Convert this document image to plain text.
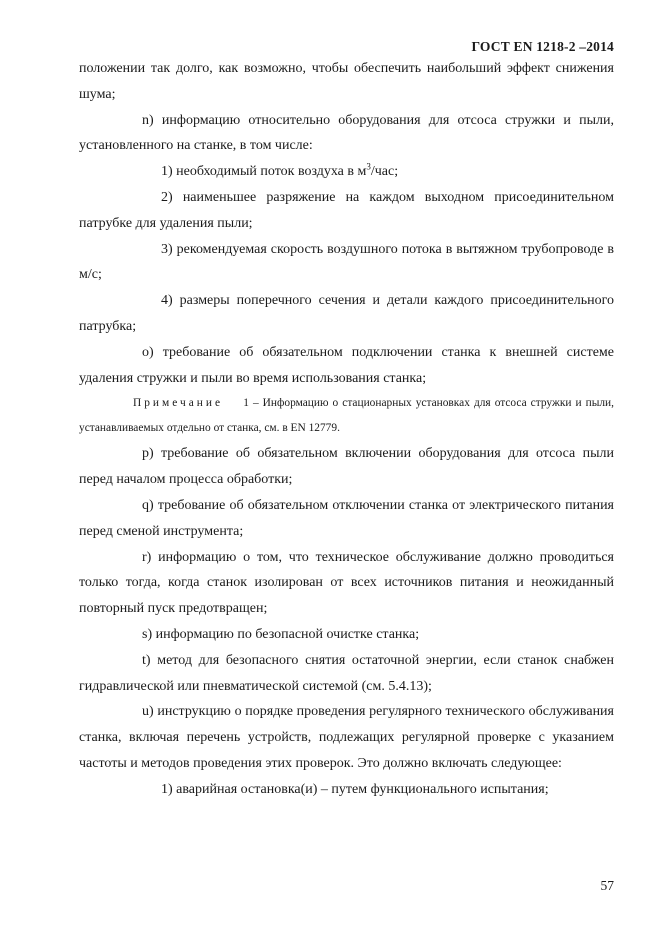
ГОСТ EN 1218-2 –2014

положении так долго, как возможно, чтобы обеспечить наибольший эффект снижения шума;

n) информацию относительно оборудования для отсоса стружки и пыли, установленного на станке, в том числе:

1) необходимый поток воздуха в $м^3$/час;

2) наименьшее разряжение на каждом выходном присоединительном патрубке для удаления пыли;

3) рекомендуемая скорость воздушного потока в вытяжном трубопроводе в м/с;

4) размеры поперечного сечения и детали каждого присоединительного патрубка;

o) требование об обязательном подключении станка к внешней системе удаления стружки и пыли во время использования станка;

Примечание 1 – Информацию о стационарных установках для отсоса стружки и пыли, устанавливаемых отдельно от станка, см. в EN 12779.

p) требование об обязательном включении оборудования для отсоса пыли перед началом процесса обработки;

q) требование об обязательном отключении станка от электрического питания перед сменой инструмента;

r) информацию о том, что техническое обслуживание должно проводиться только тогда, когда станок изолирован от всех источников питания и неожиданный повторный пуск предотвращен;

s) информацию по безопасной очистке станка;

t) метод для безопасного снятия остаточной энергии, если станок снабжен гидравлической или пневматической системой (см. 5.4.13);

u) инструкцию о порядке проведения регулярного технического обслуживания станка, включая перечень устройств, подлежащих регулярной проверке с указанием частоты и методов проведения этих проверок. Это должно включать следующее:

1) аварийная остановка(и) – путем функционального испытания;

57
